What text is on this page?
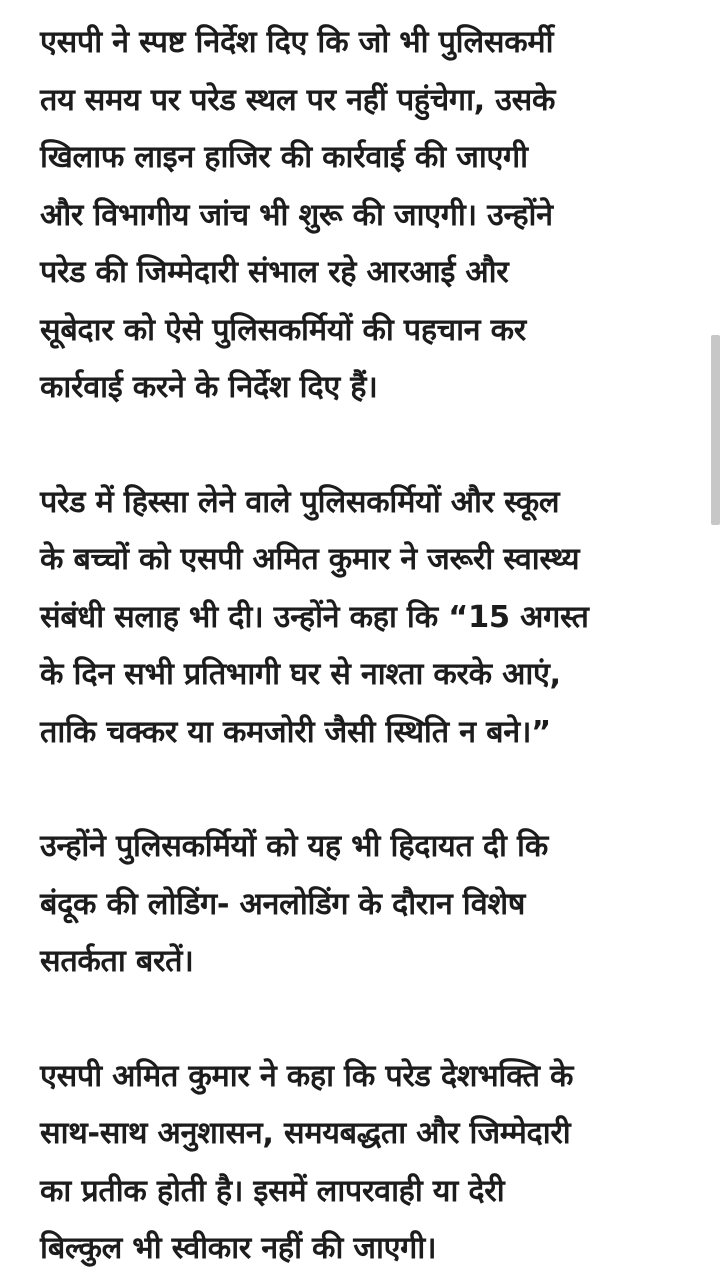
एसपी ने स्पष्ट निर्देश दिए कि जो भी पुलिसकर्मी
तय समय पर परेड स्थल पर नहीं पहुंचेगा, उसके
खिलाफ लाइन हाजिर की कार्रवाई की जाएगी
और विभागीय जांच भी शुरू की जाएगी। उन्होंने
परेड की जिम्मेदारी संभाल रहे आरआई और
सूबेदार को ऐसे पुलिसकर्मियों की पहचान कर
कार्रवाई करने के निर्देश दिए हैं।

परेड में हिस्सा लेने वाले पुलिसकर्मियों और स्कूल
के बच्चों को एसपी अमित कुमार ने जरूरी स्वास्थ्य
संबंधी सलाह भी दी। उन्होंने कहा कि “15 अगस्त
के दिन सभी प्रतिभागी घर से नाश्ता करके आएं,
ताकि चक्कर या कमजोरी जैसी स्थिति न बने।”

उन्होंने पुलिसकर्मियों को यह भी हिदायत दी कि
बंदूक की लोडिंग- अनलोडिंग के दौरान विशेष
सतर्कता बरतें।

एसपी अमित कुमार ने कहा कि परेड देशभक्ति के
साथ-साथ अनुशासन, समयबद्धता और जिम्मेदारी
का प्रतीक होती है। इसमें लापरवाही या देरी
बिल्कुल भी स्वीकार नहीं की जाएगी।
